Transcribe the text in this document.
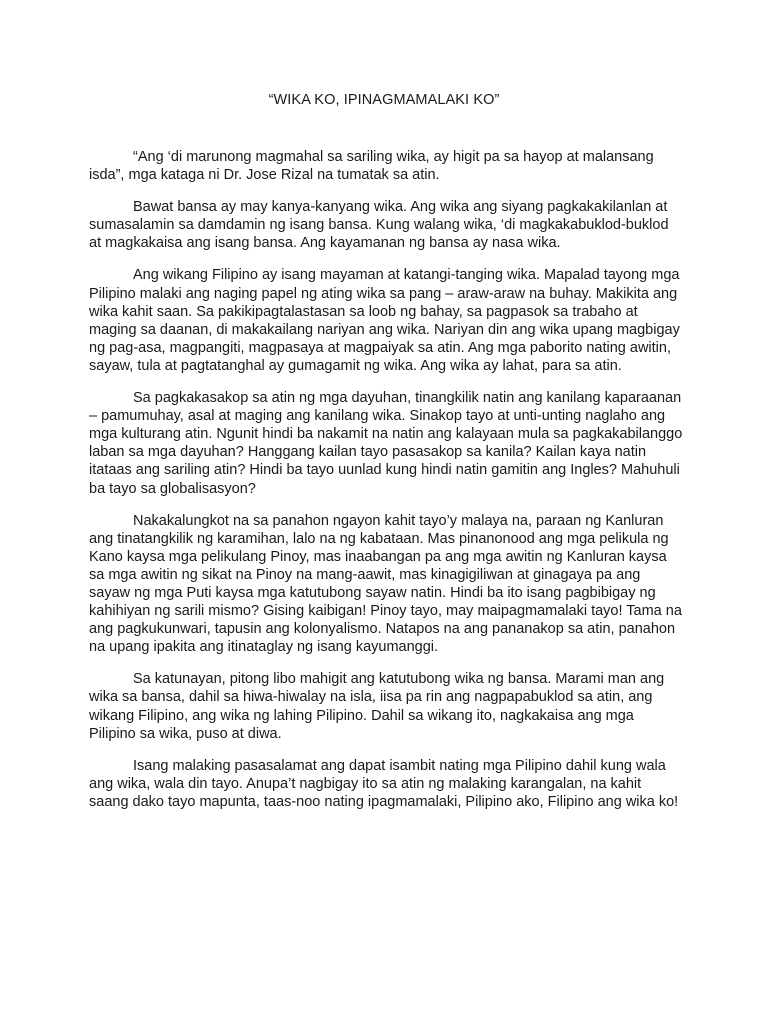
“WIKA KO, IPINAGMAMALAKI KO”

“Ang ‘di marunong magmahal sa sariling wika, ay higit pa sa hayop at malansang isda”, mga kataga ni Dr. Jose Rizal na tumatak sa atin.

Bawat bansa ay may kanya-kanyang wika. Ang wika ang siyang pagkakakilanlan at sumasalamin sa damdamin ng isang bansa. Kung walang wika, ‘di magkakabuklod-buklod at magkakaisa ang isang bansa. Ang kayamanan ng bansa ay nasa wika.

Ang wikang Filipino ay isang mayaman at katangi-tanging wika. Mapalad tayong mga Pilipino malaki ang naging papel ng ating wika sa pang – araw-araw na buhay. Makikita ang wika kahit saan. Sa pakikipagtalastasan sa loob ng bahay, sa pagpasok sa trabaho at maging sa daanan, di makakailang nariyan ang wika. Nariyan din ang wika upang magbigay ng pag-asa, magpangiti, magpasaya at magpaiyak sa atin. Ang mga paborito nating awitin, sayaw, tula at pagtatanghal ay gumagamit ng wika. Ang wika ay lahat, para sa atin.

Sa pagkakasakop sa atin ng mga dayuhan, tinangkilik natin ang kanilang kaparaanan – pamumuhay, asal at maging ang kanilang wika. Sinakop tayo at unti-unting naglaho ang mga kulturang atin. Ngunit hindi ba nakamit na natin ang kalayaan mula sa pagkakabilanggo laban sa mga dayuhan? Hanggang kailan tayo pasasakop sa kanila? Kailan kaya natin itataas ang sariling atin? Hindi ba tayo uunlad kung hindi natin gamitin ang Ingles? Mahuhuli ba tayo sa globalisasyon?

Nakakalungkot na sa panahon ngayon kahit tayo’y malaya na, paraan ng Kanluran ang tinatangkilik ng karamihan, lalo na ng kabataan. Mas pinanonood ang mga pelikula ng Kano kaysa mga pelikulang Pinoy, mas inaabangan pa ang mga awitin ng Kanluran kaysa sa mga awitin ng sikat na Pinoy na mang-aawit, mas kinagigiliwan at ginagaya pa ang sayaw ng mga Puti kaysa mga katutubong sayaw natin. Hindi ba ito isang pagbibigay ng kahihiyan ng sarili mismo? Gising kaibigan! Pinoy tayo, may maipagmamalaki tayo! Tama na ang pagkukunwari, tapusin ang kolonyalismo. Natapos na ang pananakop sa atin, panahon na upang ipakita ang itinataglay ng isang kayumanggi.

Sa katunayan, pitong libo mahigit ang katutubong wika ng bansa. Marami man ang wika sa bansa, dahil sa hiwa-hiwalay na isla, iisa pa rin ang nagpapabuklod sa atin, ang wikang Filipino, ang wika ng lahing Pilipino. Dahil sa wikang ito, nagkakaisa ang mga Pilipino sa wika, puso at diwa.

Isang malaking pasasalamat ang dapat isambit nating mga Pilipino dahil kung wala ang wika, wala din tayo. Anupa’t nagbigay ito sa atin ng malaking karangalan, na kahit saang dako tayo mapunta, taas-noo nating ipagmamalaki, Pilipino ako, Filipino ang wika ko!
